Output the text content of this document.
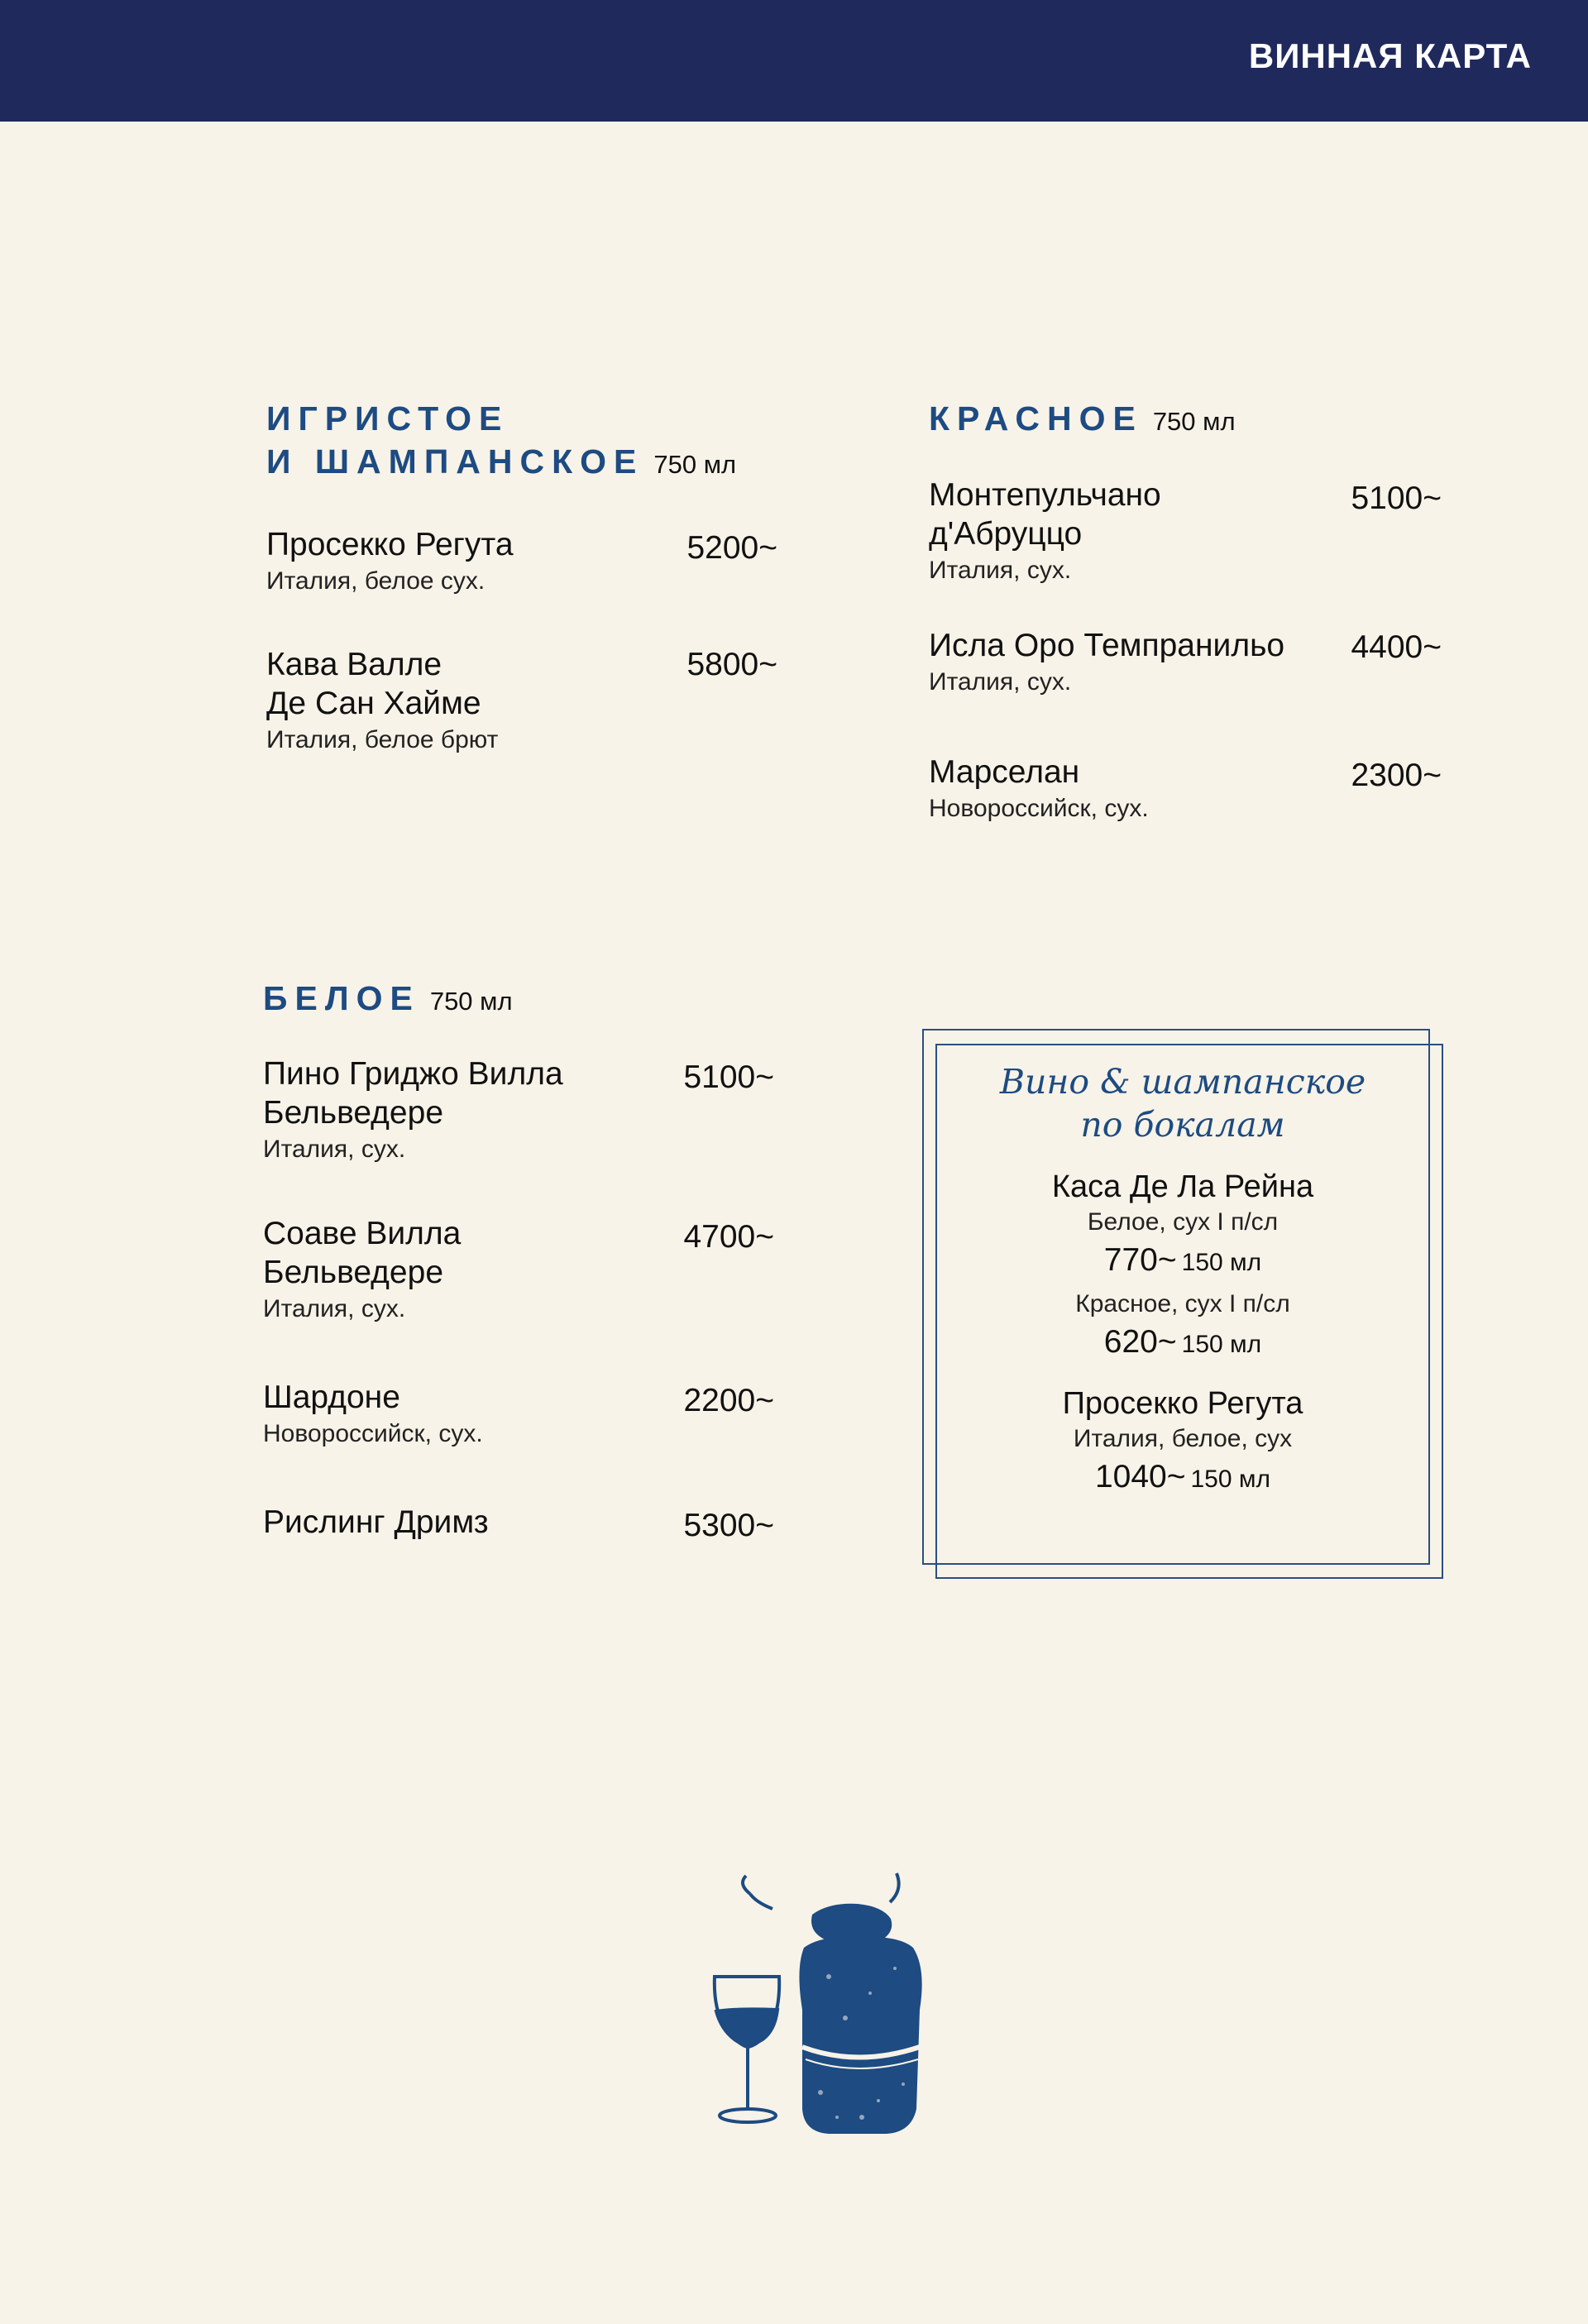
ВИННАЯ КАРТА
ИГРИСТОЕ
И ШАМПАНСКОЕ 750 мл
Просекко Регута
Италия, белое сух.
5200~
Кава Валле
Де Сан Хайме
Италия, белое брют
5800~
КРАСНОЕ 750 мл
Монтепульчано
д'Абруццо
Италия, сух.
5100~
Исла Оро Темпранильо
Италия, сух.
4400~
Марселан
Новороссийск, сух.
2300~
БЕЛОЕ 750 мл
Пино Гриджо Вилла
Бельведере
Италия, сух.
5100~
Соаве Вилла
Бельведере
Италия, сух.
4700~
Шардоне
Новороссийск, сух.
2200~
Рислинг Дримз	5300~
Вино & шампанское
по бокалам
Каса Де Ла Рейна
Белое, сух I п/сл
770~ 150 мл
Красное, сух I п/сл
620~ 150 мл
Просекко Регута
Италия, белое, сух
1040~ 150 мл
